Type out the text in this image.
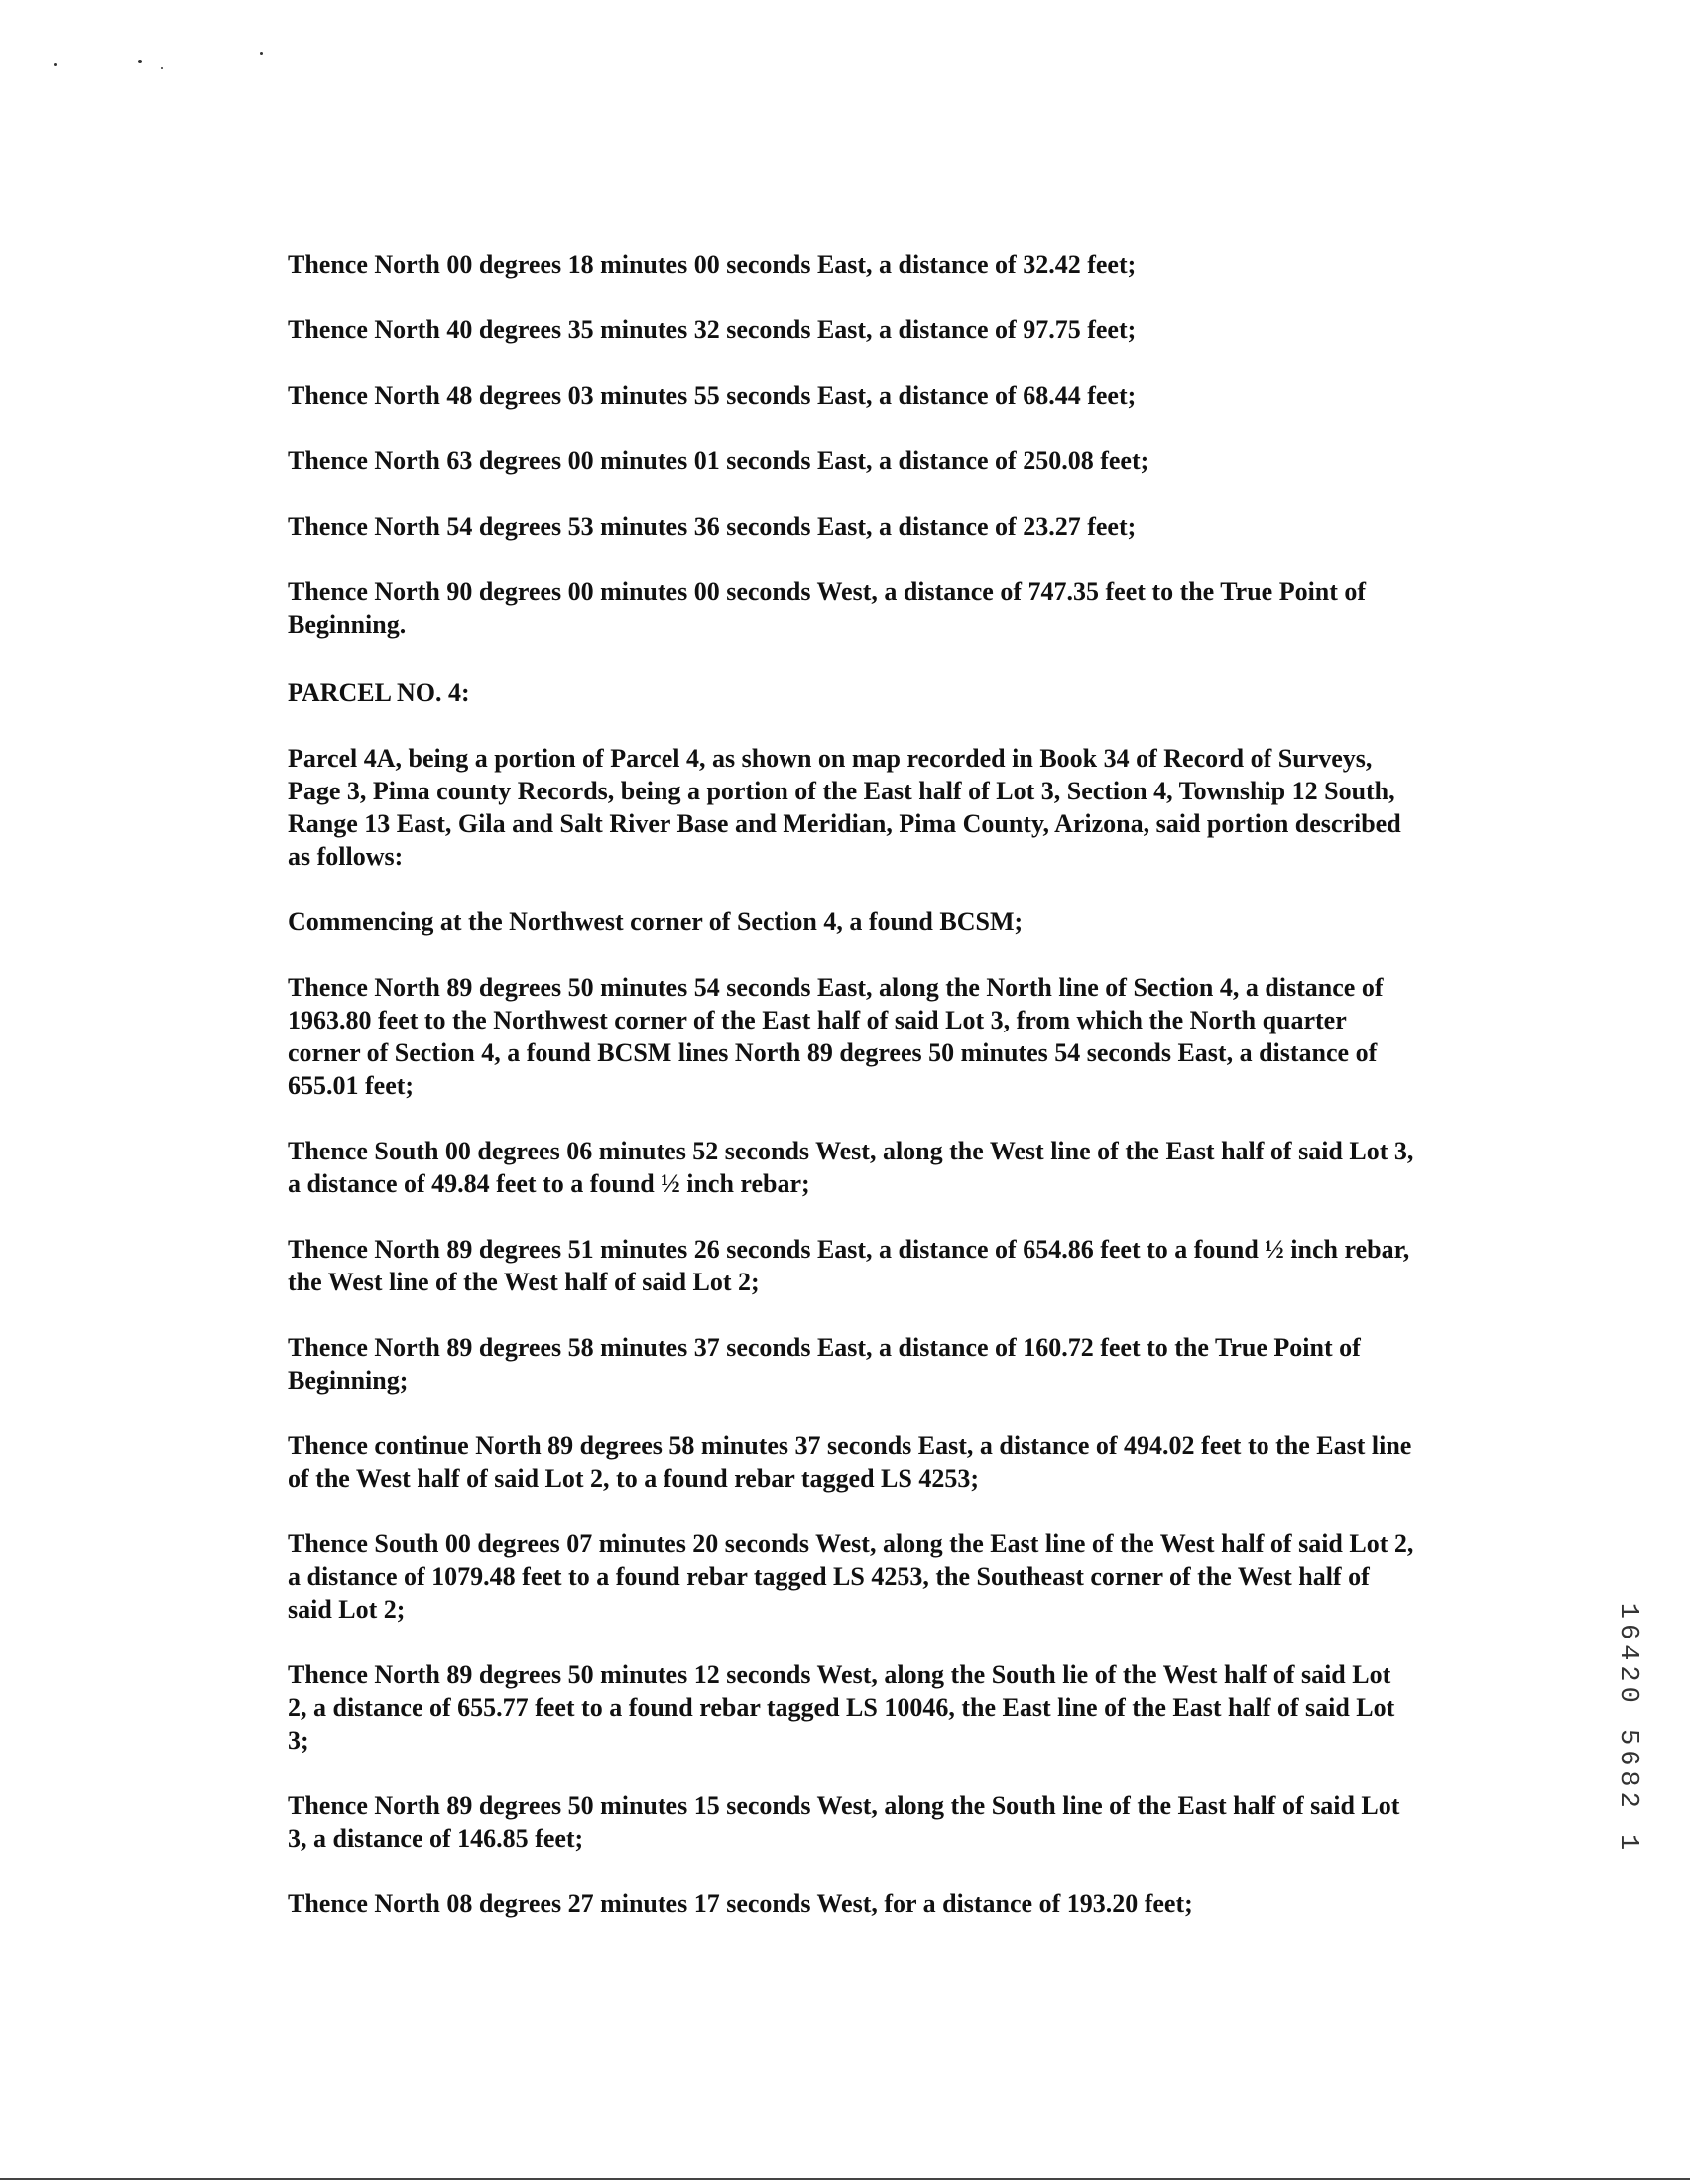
Thence North 00 degrees 18 minutes 00 seconds East, a distance of 32.42 feet;

Thence North 40 degrees 35 minutes 32 seconds East, a distance of 97.75 feet;

Thence North 48 degrees 03 minutes 55 seconds East, a distance of 68.44 feet;

Thence North 63 degrees 00 minutes 01 seconds East, a distance of 250.08 feet;

Thence North 54 degrees 53 minutes 36 seconds East, a distance of 23.27 feet;

Thence North 90 degrees 00 minutes 00 seconds West, a distance of 747.35 feet to the True Point of Beginning.

PARCEL NO. 4:

Parcel 4A, being a portion of Parcel 4, as shown on map recorded in Book 34 of Record of Surveys, Page 3, Pima county Records, being a portion of the East half of Lot 3, Section 4, Township 12 South, Range 13 East, Gila and Salt River Base and Meridian, Pima County, Arizona, said portion described as follows:

Commencing at the Northwest corner of Section 4, a found BCSM;

Thence North 89 degrees 50 minutes 54 seconds East, along the North line of Section 4, a distance of 1963.80 feet to the Northwest corner of the East half of said Lot 3, from which the North quarter corner of Section 4, a found BCSM lines North 89 degrees 50 minutes 54 seconds East, a distance of 655.01 feet;

Thence South 00 degrees 06 minutes 52 seconds West, along the West line of the East half of said Lot 3, a distance of 49.84 feet to a found ½ inch rebar;

Thence North 89 degrees 51 minutes 26 seconds East, a distance of 654.86 feet to a found ½ inch rebar, the West line of the West half of said Lot 2;

Thence North 89 degrees 58 minutes 37 seconds East, a distance of 160.72 feet to the True Point of Beginning;

Thence continue North 89 degrees 58 minutes 37 seconds East, a distance of 494.02 feet to the East line of the West half of said Lot 2, to a found rebar tagged LS 4253;

Thence South 00 degrees 07 minutes 20 seconds West, along the East line of the West half of said Lot 2, a distance of 1079.48 feet to a found rebar tagged LS 4253, the Southeast corner of the West half of said Lot 2;

Thence North 89 degrees 50 minutes 12 seconds West, along the South lie of the West half of said Lot 2, a distance of 655.77 feet to a found rebar tagged LS 10046, the East line of the East half of said Lot 3;

Thence North 89 degrees 50 minutes 15 seconds West, along the South line of the East half of said Lot 3, a distance of 146.85 feet;

Thence North 08 degrees 27 minutes 17 seconds West, for a distance of 193.20 feet;

16420 5682 1
